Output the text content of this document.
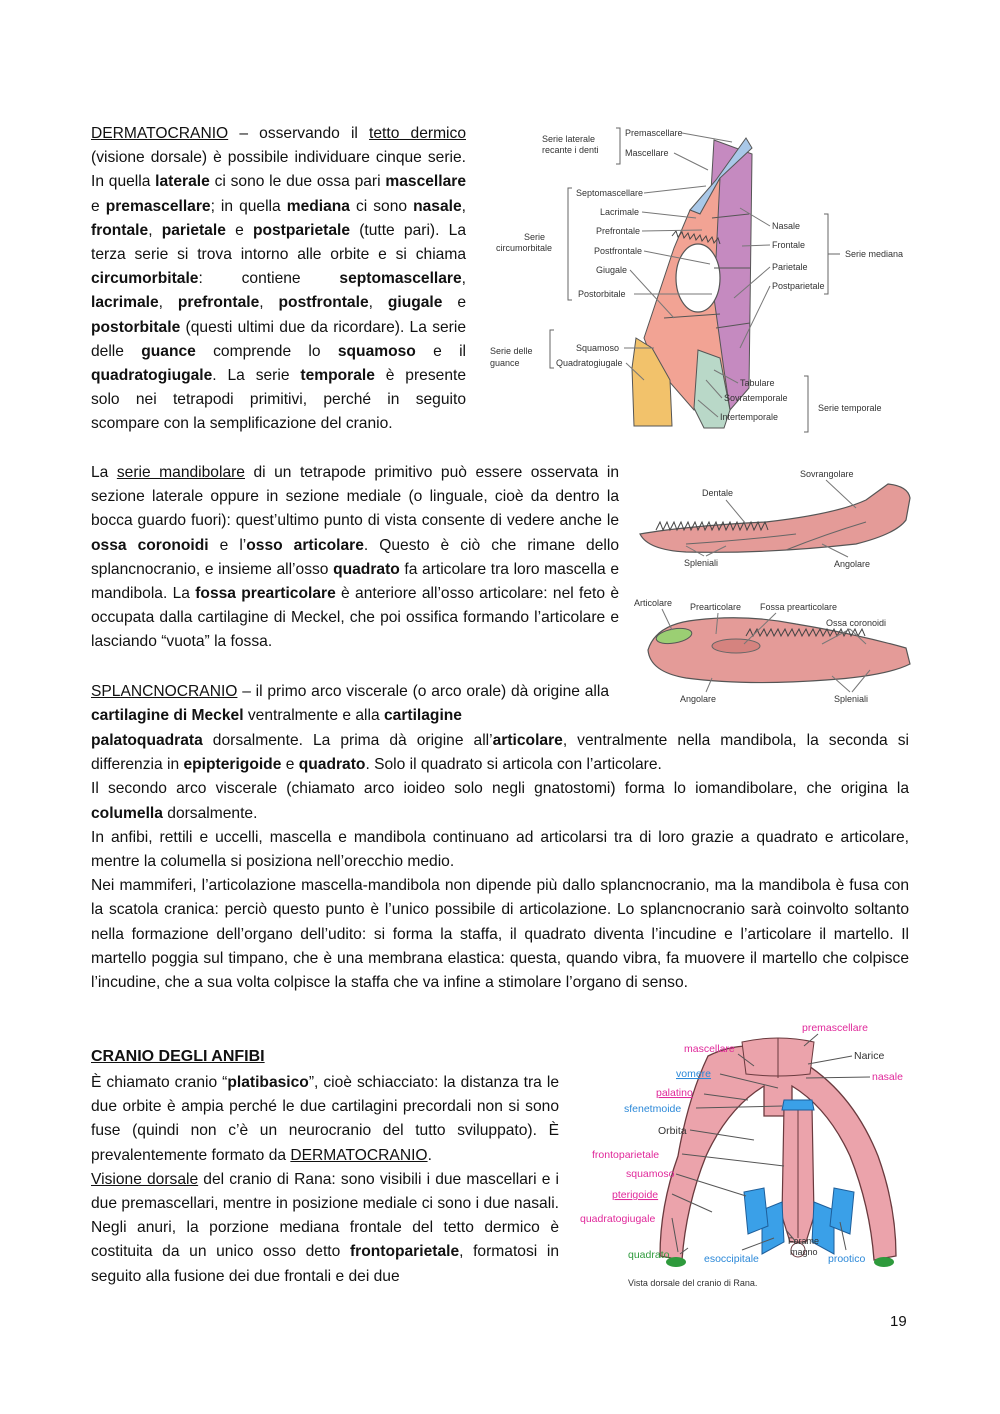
DERMATOCRANIO – osservando il tetto dermico (visione dorsale) è possibile individuare cinque serie. In quella laterale ci sono le due ossa pari mascellare e premascellare; in quella mediana ci sono nasale, frontale, parietale e postparietale (tutte pari). La terza serie si trova intorno alle orbite e si chiama circumorbitale: contiene septomascellare, lacrimale, prefrontale, postfrontale, giugale e postorbitale (questi ultimi due da ricordare). La serie delle guance comprende lo squamoso e il quadratogiugale. La serie temporale è presente solo nei tetrapodi primitivi, perché in seguito scompare con la semplificazione del cranio.

Serie laterale
recante i denti
Premascellare
Mascellare
Septomascellare
Lacrimale
Prefrontale
Serie
circumorbitale	Postfrontale
Giugale
Postorbitale
Serie delle
guance
Squamoso
Quadratogiugale
Nasale
Frontale
Parietale
Postparietale
Serie mediana
Tabulare
Sovratemporale
Intertemporale
Serie temporale

La serie mandibolare di un tetrapode primitivo può essere osservata in sezione laterale oppure in sezione mediale (o linguale, cioè da dentro la bocca guardo fuori): quest’ultimo punto di vista consente di vedere anche le ossa coronoidi e l’osso articolare. Questo è ciò che rimane dello splancnocranio, e insieme all’osso quadrato fa articolare tra loro mascella e mandibola. La fossa prearticolare è anteriore all’osso articolare: nel feto è occupata dalla cartilagine di Meckel, che poi ossifica formando l’articolare e lasciando “vuota” la fossa.

Dentale
Sovrangolare
Spleniali	Angolare
Articolare Prearticolare Fossa prearticolare
Ossa coronoidi
Angolare	Spleniali

SPLANCNOCRANIO – il primo arco viscerale (o arco orale) dà origine alla cartilagine di Meckel ventralmente e alla cartilagine

palatoquadrata dorsalmente. La prima dà origine all’articolare, ventralmente nella mandibola, la seconda si differenzia in epipterigoide e quadrato. Solo il quadrato si articola con l’articolare.

Il secondo arco viscerale (chiamato arco ioideo solo negli gnatostomi) forma lo iomandibolare, che origina la columella dorsalmente.

In anfibi, rettili e uccelli, mascella e mandibola continuano ad articolarsi tra di loro grazie a quadrato e articolare, mentre la columella si posiziona nell’orecchio medio.

Nei mammiferi, l’articolazione mascella-mandibola non dipende più dallo splancnocranio, ma la mandibola è fusa con la scatola cranica: perciò questo punto è l’unico possibile di articolazione. Lo splancnocranio sarà coinvolto soltanto nella formazione dell’organo dell’udito: si forma la staffa, il quadrato diventa l’incudine e l’articolare il martello. Il martello poggia sul timpano, che è una membrana elastica: questa, quando vibra, fa muovere il martello che colpisce l’incudine, che a sua volta colpisce la staffa che va infine a stimolare l’organo di senso.

CRANIO DEGLI ANFIBI

È chiamato cranio “platibasico”, cioè schiacciato: la distanza tra le due orbite è ampia perché le due cartilagini precordali non si sono fuse (quindi non c’è un neurocranio del tutto sviluppato). È prevalentemente formato da DERMATOCRANIO.
Visione dorsale del cranio di Rana: sono visibili i due mascellari e i due premascellari, mentre in posizione mediale ci sono i due nasali. Negli anuri, la porzione mediana frontale del tetto dermico è costituita da un unico osso detto frontoparietale, formatosi in seguito alla fusione dei due frontali e dei due

premascellare
mascellare
Narice
nasale
vomere
palatino
sfenetmoide
Orbita
frontoparietale
squamoso
pterigoide
quadratogiugale
quadrato	esoccipitale
Forame
magno
prootico
Vista dorsale del cranio di Rana.
19
